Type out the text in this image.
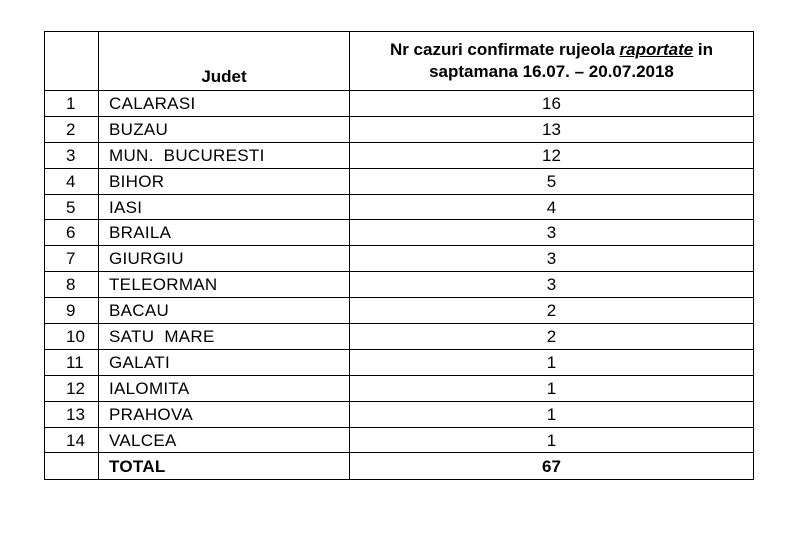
	Judet	Nr cazuri confirmate rujeola raportate in
saptamana 16.07. – 20.07.2018
1	CALARASI	16
2	BUZAU	13
3	MUN.  BUCURESTI	12
4	BIHOR	5
5	IASI	4
6	BRAILA	3
7	GIURGIU	3
8	TELEORMAN	3
9	BACAU	2
10	SATU  MARE	2
11	GALATI	1
12	IALOMITA	1
13	PRAHOVA	1
14	VALCEA	1
	TOTAL	67
